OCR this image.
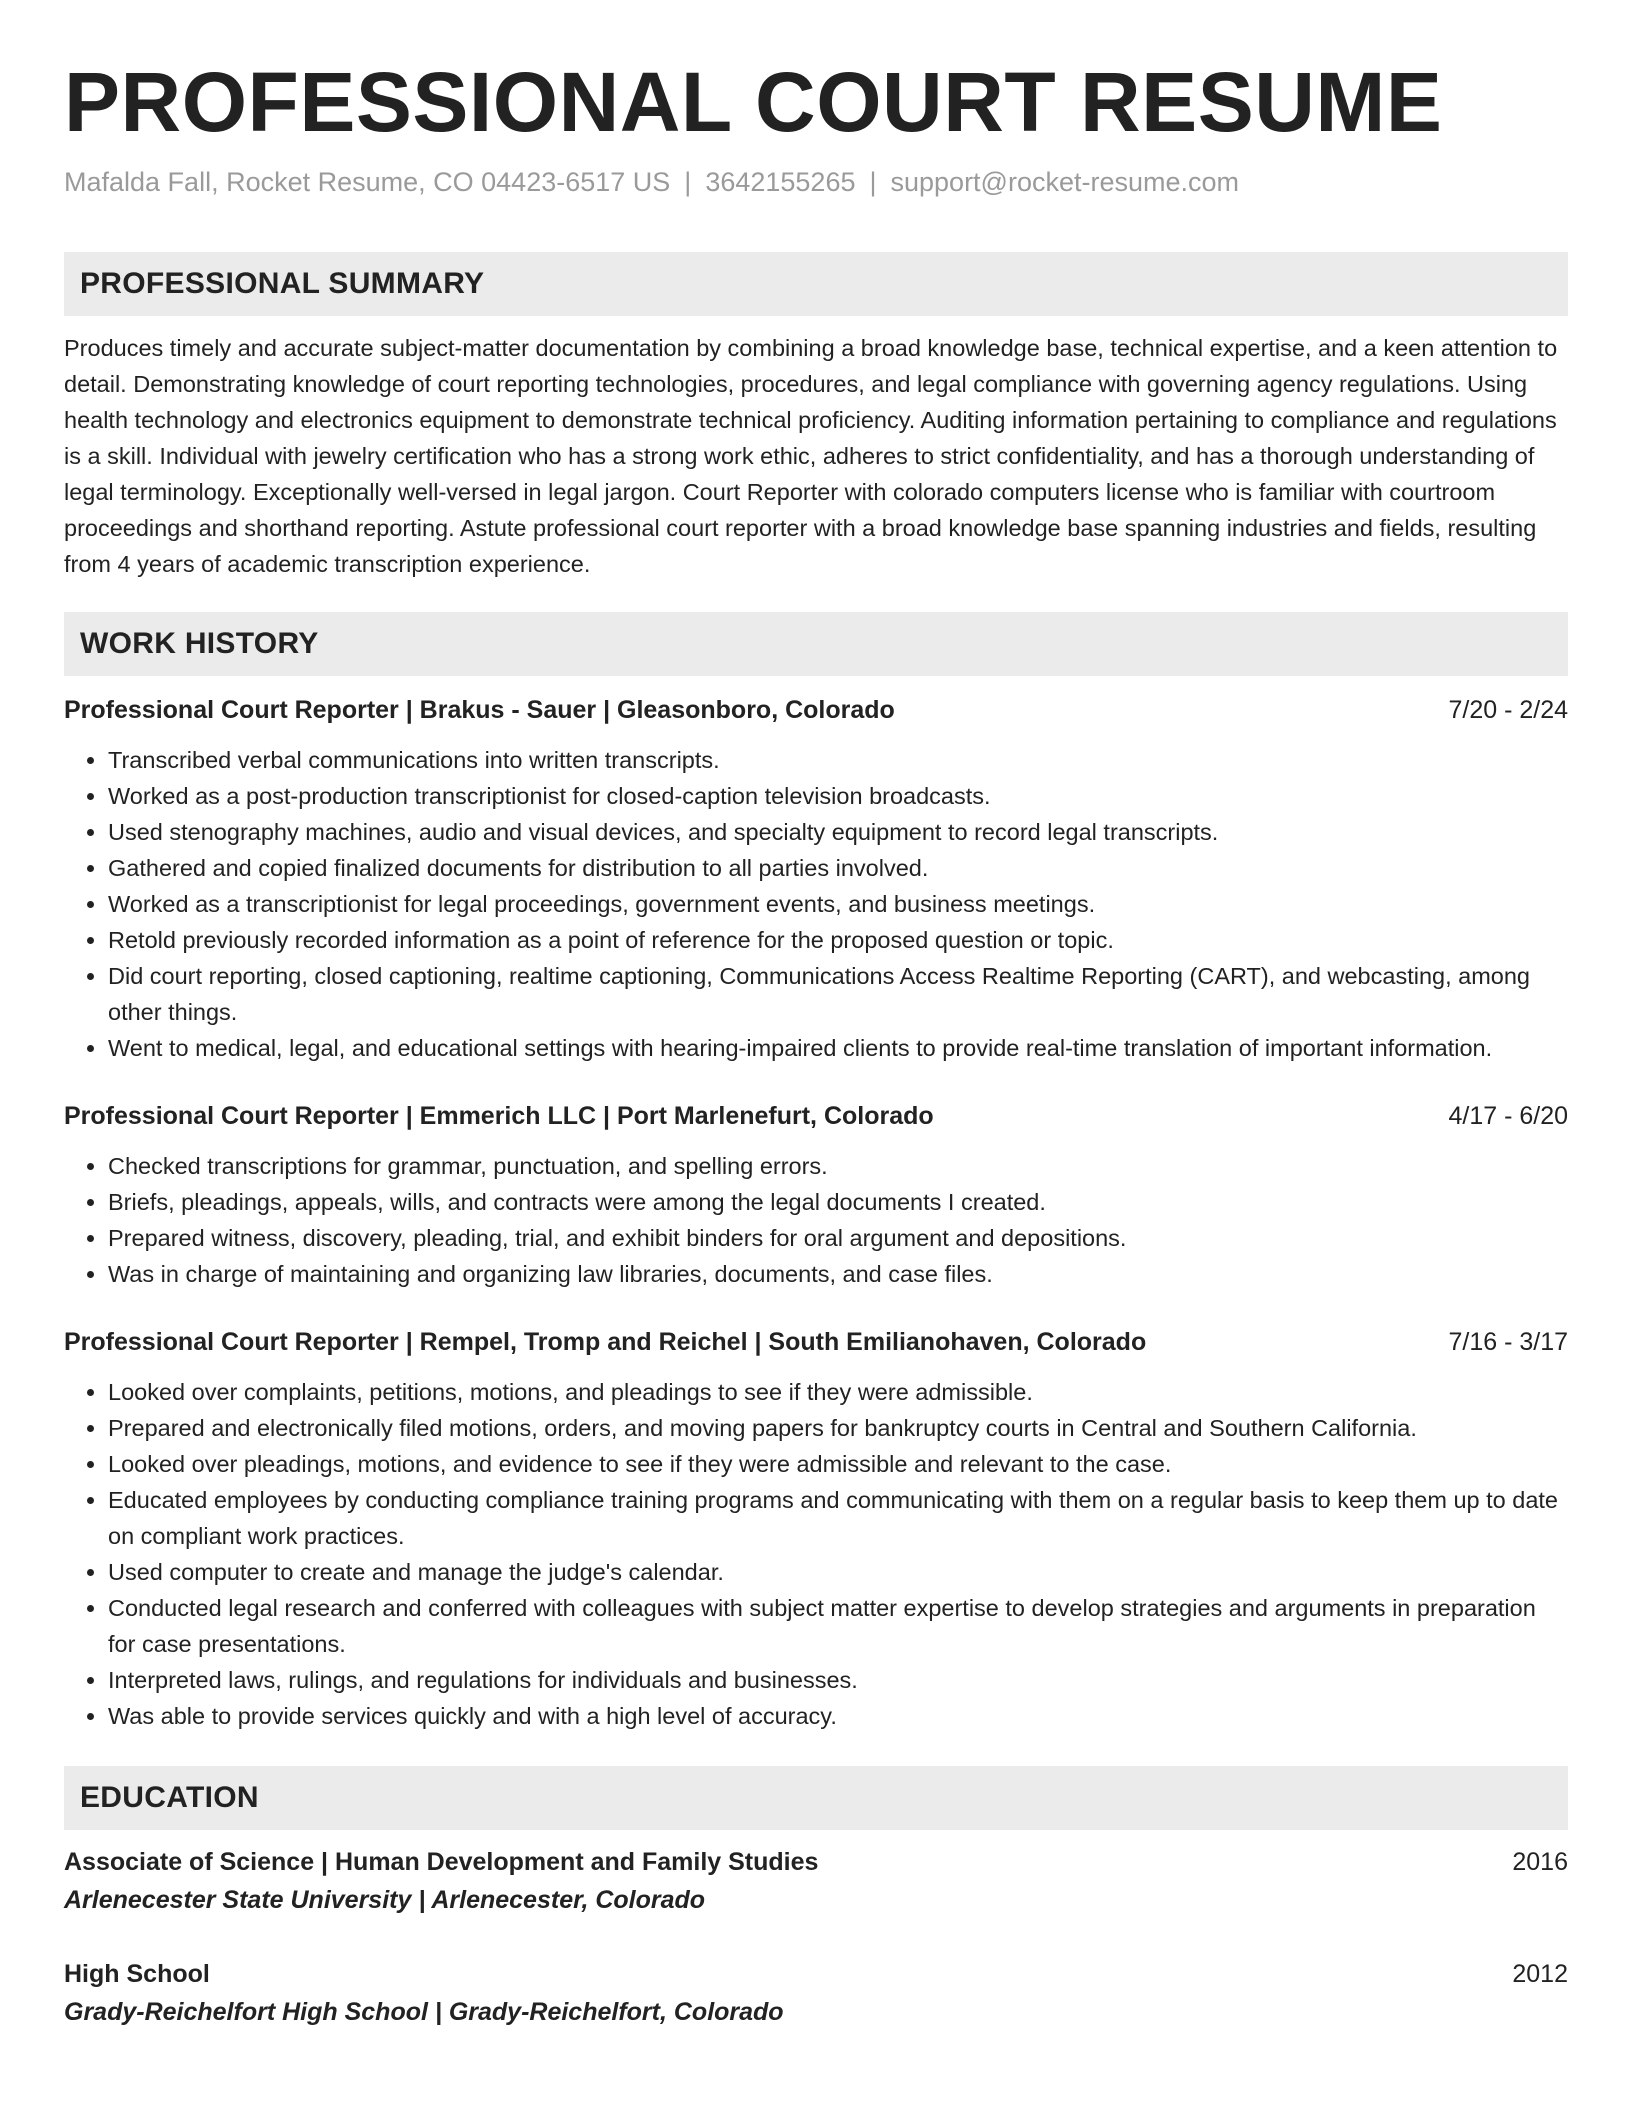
PROFESSIONAL COURT RESUME
Mafalda Fall, Rocket Resume, CO 04423-6517 US | 3642155265 | support@rocket-resume.com
PROFESSIONAL SUMMARY

Produces timely and accurate subject-matter documentation by combining a broad knowledge base, technical expertise, and a keen attention to detail. Demonstrating knowledge of court reporting technologies, procedures, and legal compliance with governing agency regulations. Using health technology and electronics equipment to demonstrate technical proficiency. Auditing information pertaining to compliance and regulations is a skill. Individual with jewelry certification who has a strong work ethic, adheres to strict confidentiality, and has a thorough understanding of legal terminology. Exceptionally well-versed in legal jargon. Court Reporter with colorado computers license who is familiar with courtroom proceedings and shorthand reporting. Astute professional court reporter with a broad knowledge base spanning industries and fields, resulting from 4 years of academic transcription experience.

WORK HISTORY
Professional Court Reporter | Brakus - Sauer | Gleasonboro, Colorado	7/20 - 2/24
• Transcribed verbal communications into written transcripts.
• Worked as a post-production transcriptionist for closed-caption television broadcasts.
• Used stenography machines, audio and visual devices, and specialty equipment to record legal transcripts.
• Gathered and copied finalized documents for distribution to all parties involved.
• Worked as a transcriptionist for legal proceedings, government events, and business meetings.
• Retold previously recorded information as a point of reference for the proposed question or topic.
• Did court reporting, closed captioning, realtime captioning, Communications Access Realtime Reporting (CART), and webcasting, among other things.
• Went to medical, legal, and educational settings with hearing-impaired clients to provide real-time translation of important information.
Professional Court Reporter | Emmerich LLC | Port Marlenefurt, Colorado	4/17 - 6/20
• Checked transcriptions for grammar, punctuation, and spelling errors.
• Briefs, pleadings, appeals, wills, and contracts were among the legal documents I created.
• Prepared witness, discovery, pleading, trial, and exhibit binders for oral argument and depositions.
• Was in charge of maintaining and organizing law libraries, documents, and case files.
Professional Court Reporter | Rempel, Tromp and Reichel | South Emilianohaven, Colorado	7/16 - 3/17
• Looked over complaints, petitions, motions, and pleadings to see if they were admissible.
• Prepared and electronically filed motions, orders, and moving papers for bankruptcy courts in Central and Southern California.
• Looked over pleadings, motions, and evidence to see if they were admissible and relevant to the case.
• Educated employees by conducting compliance training programs and communicating with them on a regular basis to keep them up to date on compliant work practices.
• Used computer to create and manage the judge's calendar.
• Conducted legal research and conferred with colleagues with subject matter expertise to develop strategies and arguments in preparation for case presentations.
• Interpreted laws, rulings, and regulations for individuals and businesses.
• Was able to provide services quickly and with a high level of accuracy.
EDUCATION
Associate of Science | Human Development and Family Studies	2016
Arlenecester State University | Arlenecester, Colorado
High School	2012
Grady-Reichelfort High School | Grady-Reichelfort, Colorado
